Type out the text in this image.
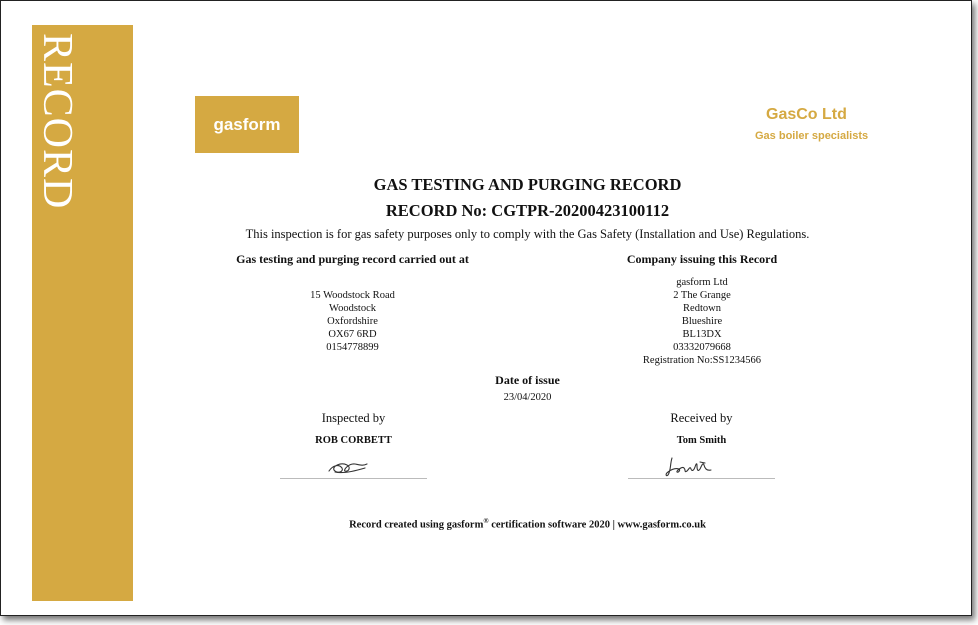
RECORD	gasform	GasCo Ltd
Gas boiler specialists
GAS TESTING AND PURGING RECORD
RECORD No: CGTPR-20200423100112
This inspection is for gas safety purposes only to comply with the Gas Safety (Installation and Use) Regulations.
Gas testing and purging record carried out at	Company issuing this Record
15 Woodstock Road
Woodstock
Oxfordshire
OX67 6RD
0154778899
gasform Ltd
2 The Grange
Redtown
Blueshire
BL13DX
03332079668
Registration No:SS1234566
Date of issue
23/04/2020
Inspected by	Received by
ROB CORBETT	Tom Smith
Record created using gasform® certification software 2020 | www.gasform.co.uk
